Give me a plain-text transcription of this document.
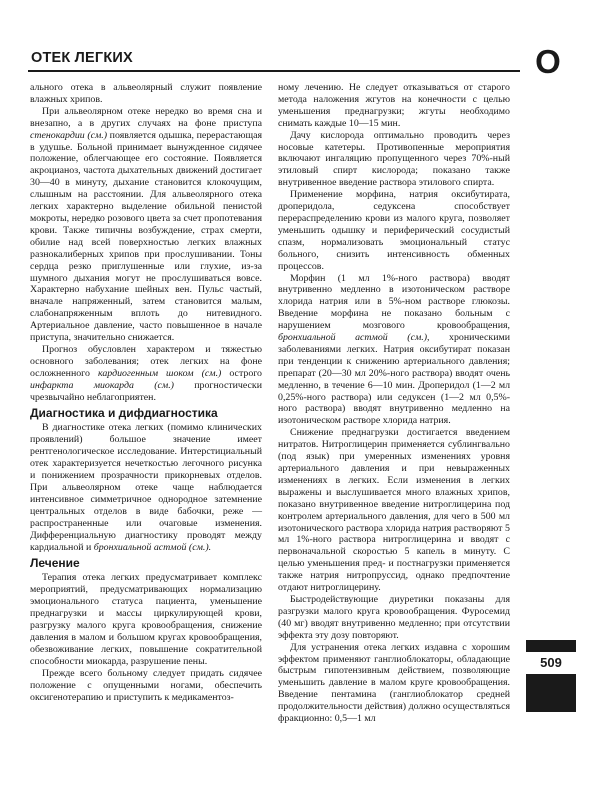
ОТЕК ЛЕГКИХ	О

ального отека в альвеолярный служит появление влажных хрипов.

При альвеолярном отеке нередко во время сна и внезапно, а в других случаях на фоне приступа стенокардии (см.) появляется одышка, перерастающая в удушье. Больной принимает вынужденное сидячее положение, облегчающее его состояние. Появляется акроцианоз, частота дыхательных движений достигает 30—40 в минуту, дыхание становится клокочущим, слышным на расстоянии. Для альвеолярного отека легких характерно выделение обильной пенистой мокроты, нередко розового цвета за счет пропотевания крови. Также типичны возбуждение, страх смерти, обилие над всей поверхностью легких влажных разнокалиберных хрипов при прослушивании. Тоны сердца резко приглушенные или глухие, из-за шумного дыхания могут не прослушиваться вовсе. Характерно набухание шейных вен. Пульс частый, вначале напряженный, затем становится малым, слабонапряженным вплоть до нитевидного. Артериальное давление, часто повышенное в начале приступа, значительно снижается.

Прогноз обусловлен характером и тяжестью основного заболевания; отек легких на фоне осложненного кардиогенным шоком (см.) острого инфаркта миокарда (см.) прогностически чрезвычайно неблагоприятен.

Диагностика и дифдиагностика

В диагностике отека легких (помимо клинических проявлений) большое значение имеет рентгенологическое исследование. Интерстициальный отек характеризуется нечеткостью легочного рисунка и понижением прозрачности прикорневых отделов. При альвеолярном отеке чаще наблюдается интенсивное симметричное однородное затемнение центральных отделов в виде бабочки, реже — распространенные или очаговые изменения. Дифференциальную диагностику проводят между кардиальной и бронхиальной астмой (см.).

Лечение

Терапия отека легких предусматривает комплекс мероприятий, предусматривающих нормализацию эмоционального статуса пациента, уменьшение преднагрузки и массы циркулирующей крови, разгрузку малого круга кровообращения, снижение давления в малом и большом кругах кровообращения, обезвоживание легких, повышение сократительной способности миокарда, разрушение пены.

Прежде всего больному следует придать сидячее положение с опущенными ногами, обеспечить оксигенотерапию и приступить к медикаментоз-

ному лечению. Не следует отказываться от старого метода наложения жгутов на конечности с целью уменьшения преднагрузки; жгуты необходимо снимать каждые 10—15 мин.

Дачу кислорода оптимально проводить через носовые катетеры. Противопенные мероприятия включают ингаляцию пропущенного через 70%-ный этиловый спирт кислорода; показано также внутривенное введение раствора этилового спирта.

Применение морфина, натрия оксибутирата, дроперидола, седуксена способствует перераспределению крови из малого круга, позволяет уменьшить одышку и периферический сосудистый спазм, нормализовать эмоциональный статус больного, снизить интенсивность обменных процессов.

Морфин (1 мл 1%-ного раствора) вводят внутривенно медленно в изотоническом растворе хлорида натрия или в 5%-ном растворе глюкозы. Введение морфина не показано больным с нарушением мозгового кровообращения, бронхиальной астмой (см.), хроническими заболеваниями легких. Натрия оксибутират показан при тенденции к снижению артериального давления; препарат (20—30 мл 20%-ного раствора) вводят очень медленно, в течение 6—10 мин. Дроперидол (1—2 мл 0,25%-ного раствора) или седуксен (1—2 мл 0,5%-ного раствора) вводят внутривенно медленно на изотоническом растворе хлорида натрия.

Снижение преднагрузки достигается введением нитратов. Нитроглицерин применяется сублингвально (под язык) при умеренных изменениях уровня артериального давления и при невыраженных изменениях в легких. Если изменения в легких выражены и выслушивается много влажных хрипов, показано внутривенное введение нитроглицерина под контролем артериального давления, для чего в 500 мл изотонического раствора хлорида натрия растворяют 5 мл 1%-ного раствора нитроглицерина и вводят с первоначальной скоростью 5 капель в минуту. С целью уменьшения пред- и постнагрузки применяется также натрия нитропруссид, однако предпочтение отдают нитроглицерину.

Быстродействующие диуретики показаны для разгрузки малого круга кровообращения. Фуросемид (40 мг) вводят внутривенно медленно; при отсутствии эффекта эту дозу повторяют.

Для устранения отека легких издавна с хорошим эффектом применяют ганглиоблокаторы, обладающие быстрым гипотензивным действием, позволяющие уменьшить давление в малом круге кровообращения. Введение пентамина (ганглиоблокатор средней продолжительности действия) должно осуществляться фракционно: 0,5—1 мл

509
